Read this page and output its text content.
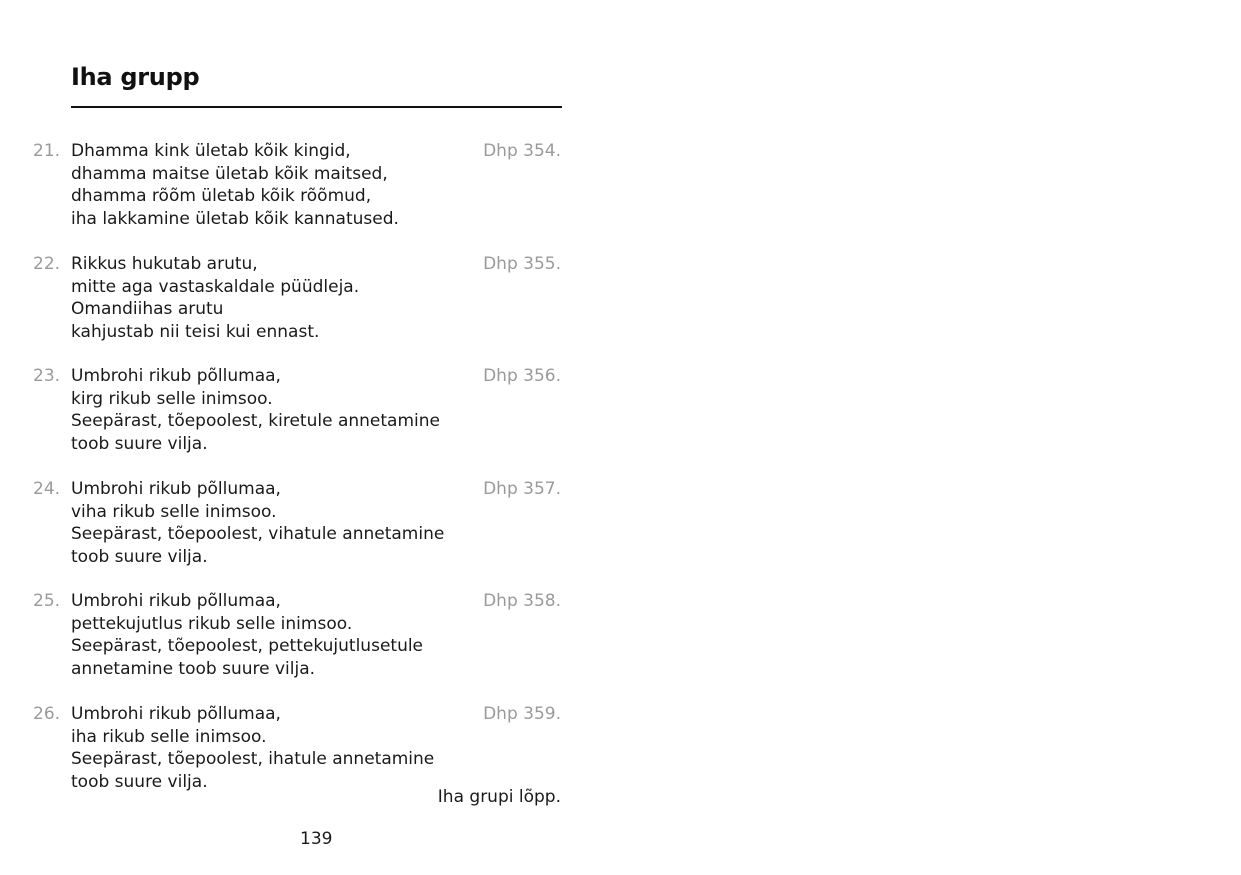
Iha grupp
21. Dhamma kink ületab kõik kingid,
dhamma maitse ületab kõik maitsed,
dhamma rõõm ületab kõik rõõmud,
iha lakkamine ületab kõik kannatused.
Dhp 354.
22. Rikkus hukutab arutu,
mitte aga vastaskaldale püüdleja.
Omandiihas arutu
kahjustab nii teisi kui ennast.
Dhp 355.
23. Umbrohi rikub põllumaa,
kirg rikub selle inimsoo.
Seepärast, tõepoolest, kiretule annetamine
toob suure vilja.
Dhp 356.
24. Umbrohi rikub põllumaa,
viha rikub selle inimsoo.
Seepärast, tõepoolest, vihatule annetamine
toob suure vilja.
Dhp 357.
25. Umbrohi rikub põllumaa,
pettekujutlus rikub selle inimsoo.
Seepärast, tõepoolest, pettekujutlusetule
annetamine toob suure vilja.
Dhp 358.
26. Umbrohi rikub põllumaa,
iha rikub selle inimsoo.
Seepärast, tõepoolest, ihatule annetamine
toob suure vilja.
Dhp 359.
Iha grupi lõpp.
139
